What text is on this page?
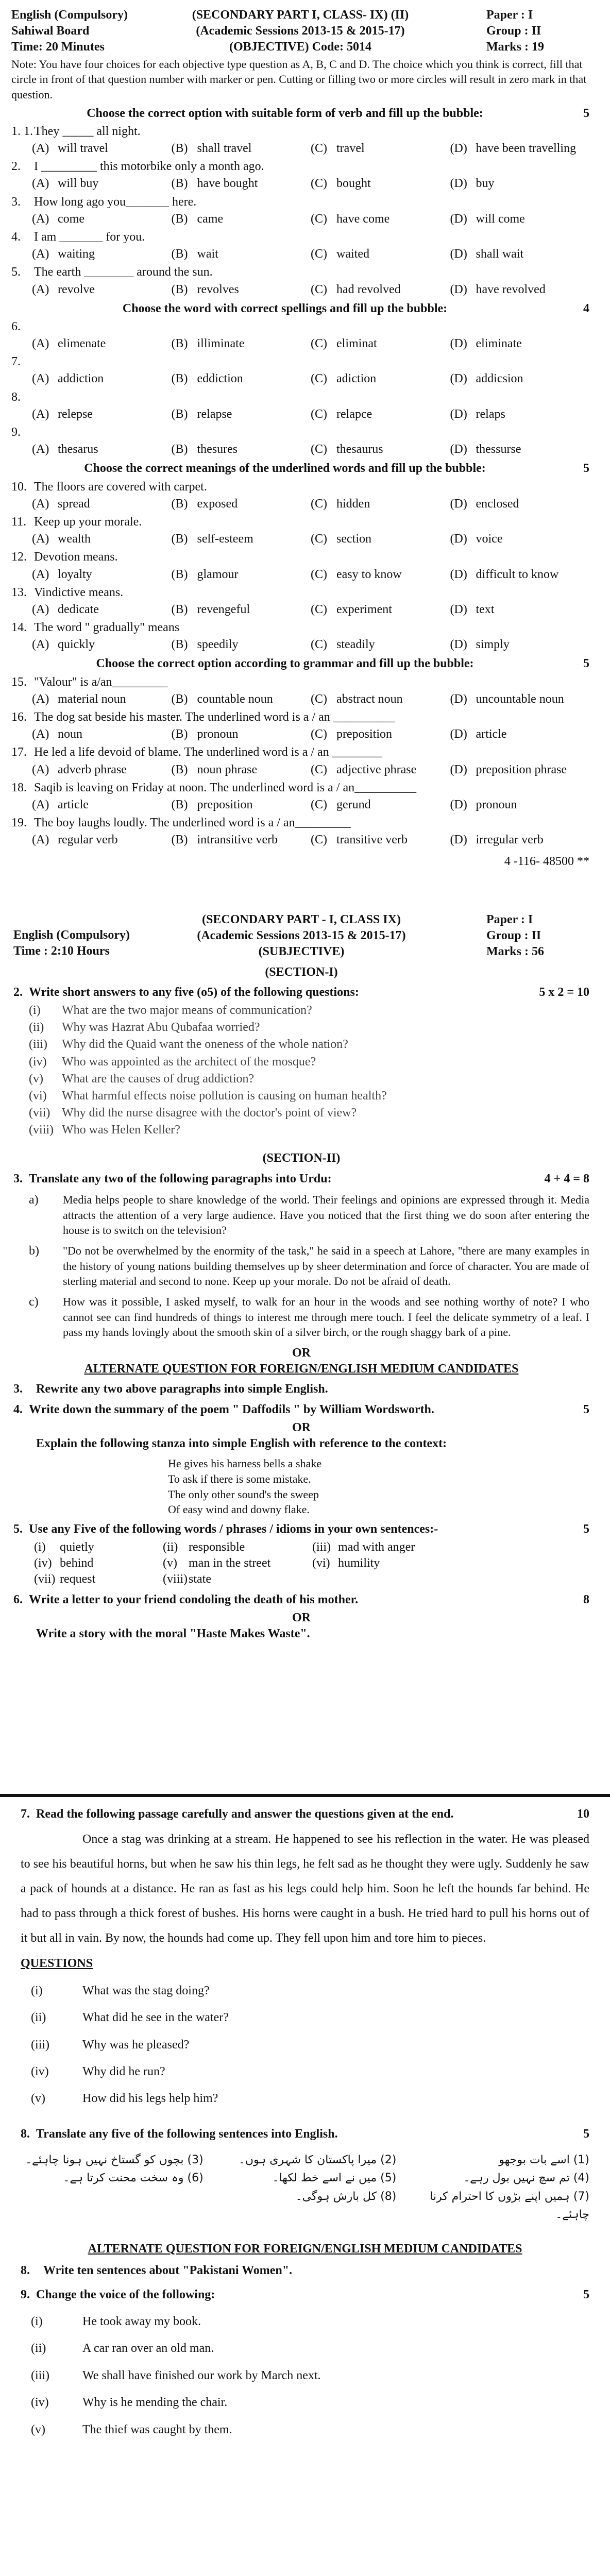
English (Compulsory)
Sahiwal Board
Time: 20 Minutes
(SECONDARY PART I, CLASS- IX) (II)
(Academic Sessions 2013-15 & 2015-17)
(OBJECTIVE) Code: 5014
Paper : I
Group : II
Marks : 19
Note: You have four choices for each objective type question as A, B, C and D. The choice which you think is correct, fill that circle in front of that question number with marker or pen. Cutting or filling two or more circles will result in zero mark in that question.
Choose the correct option with suitable form of verb and fill up the bubble:	5
1. 1. They _____ all night.
(A) will travel	(B) shall travel	(C) travel	(D) have been travelling
2.	I _________ this motorbike only a month ago.
(A) will buy	(B) have bought	(C) bought	(D) buy
3.	How long ago you_______ here.
(A) come	(B) came	(C) have come	(D) will come
4.	I am _______ for you.
(A) waiting	(B) wait	(C) waited	(D) shall wait
5.	The earth ________ around the sun.
(A) revolve	(B) revolves	(C) had revolved	(D) have revolved
Choose the word with correct spellings and fill up the bubble:	4
6.
(A) elimenate	(B) illiminate	(C) eliminat	(D) eliminate
7.
(A) addiction	(B) eddiction	(C) adiction	(D) addicsion
8.
(A) relepse	(B) relapse	(C) relapce	(D) relaps
9.
(A) thesarus	(B) thesures	(C) thesaurus	(D) thessurse
Choose the correct meanings of the underlined words and fill up the bubble:	5
10. The floors are covered with carpet.
(A) spread	(B) exposed	(C) hidden	(D) enclosed
11. Keep up your morale.
(A) wealth	(B) self-esteem	(C) section	(D) voice
12. Devotion means.
(A) loyalty	(B) glamour	(C) easy to know	(D) difficult to know
13. Vindictive means.
(A) dedicate	(B) revengeful	(C) experiment	(D) text
14. The word " gradually" means
(A) quickly	(B) speedily	(C) steadily	(D) simply
Choose the correct option according to grammar and fill up the bubble:	5
15. "Valour" is a/an_________
(A) material noun	(B) countable noun	(C) abstract noun	(D) uncountable noun
16. The dog sat beside his master. The underlined word is a / an __________
(A) noun	(B) pronoun	(C) preposition	(D) article
17. He led a life devoid of blame. The underlined word is a / an ________
(A) adverb phrase	(B) noun phrase	(C) adjective phrase	(D) preposition phrase
18. Saqib is leaving on Friday at noon. The underlined word is a / an__________
(A) article	(B) preposition	(C) gerund	(D) pronoun
19. The boy laughs loudly. The underlined word is a / an_________
(A) regular verb	(B) intransitive verb	(C) transitive verb	(D) irregular verb
4 -116- 48500 **
English (Compulsory)
Time : 2:10 Hours
(SECONDARY PART - I, CLASS IX)
(Academic Sessions 2013-15 & 2015-17)
(SUBJECTIVE)
Paper : I
Group : II
Marks : 56
(SECTION-I)
2. Write short answers to any five (o5) of the following questions:	5 x 2 = 10
(i)	What are the two major means of communication?
(ii)	Why was Hazrat Abu Qubafaa worried?
(iii)	Why did the Quaid want the oneness of the whole nation?
(iv)	Who was appointed as the architect of the mosque?
(v)	What are the causes of drug addiction?
(vi)	What harmful effects noise pollution is causing on human health?
(vii) Why did the nurse disagree with the doctor's point of view?
(viii) Who was Helen Keller?
(SECTION-II)
3. Translate any two of the following paragraphs into Urdu:	4 + 4 = 8
a)	Media helps people to share knowledge of the world. Their feelings and opinions are expressed through it. Media attracts the attention of a very large audience. Have you noticed that the first thing we do soon after entering the house is to switch on the television?
b)	"Do not be overwhelmed by the enormity of the task," he said in a speech at Lahore, "there are many examples in the history of young nations building themselves up by sheer determination and force of character. You are made of sterling material and second to none. Keep up your morale. Do not be afraid of death.
c)	How was it possible, I asked myself, to walk for an hour in the woods and see nothing worthy of note? I who cannot see can find hundreds of things to interest me through mere touch. I feel the delicate symmetry of a leaf. I pass my hands lovingly about the smooth skin of a silver birch, or the rough shaggy bark of a pine.
OR
ALTERNATE QUESTION FOR FOREIGN/ENGLISH MEDIUM CANDIDATES
3.	Rewrite any two above paragraphs into simple English.
4. Write down the summary of the poem " Daffodils " by William Wordsworth.	5
OR
Explain the following stanza into simple English with reference to the context:
He gives his harness bells a shake
To ask if there is some mistake.
The only other sound's the sweep
Of easy wind and downy flake.
5. Use any Five of the following words / phrases / idioms in your own sentences:-	5
(i)	quietly	(ii) responsible	(iii) mad with anger
(iv) behind	(v) man in the street	(vi) humility
(vii) request	(viii) state
6. Write a letter to your friend condoling the death of his mother.	8
OR
Write a story with the moral "Haste Makes Waste".
7. Read the following passage carefully and answer the questions given at the end.	10
Once a stag was drinking at a stream. He happened to see his reflection in the water. He was pleased to see his beautiful horns, but when he saw his thin legs, he felt sad as he thought they were ugly. Suddenly he saw a pack of hounds at a distance. He ran as fast as his legs could help him. Soon he left the hounds far behind. He had to pass through a thick forest of bushes. His horns were caught in a bush. He tried hard to pull his horns out of it but all in vain. By now, the hounds had come up. They fell upon him and tore him to pieces.
QUESTIONS
(i)	What was the stag doing?
(ii)	What did he see in the water?
(iii)	Why was he pleased?
(iv)	Why did he run?
(v)	How did his legs help him?
8. Translate any five of the following sentences into English.	5
(1) اسے بات بوجھو
(2) میرا پاکستان کا شہری ہوں۔
(3) بچوں کو گستاخ نہیں ہونا چاہئے۔
(4) تم سچ نہیں بول رہے۔
(5) میں نے اسے خط لکھا۔
(6) وہ سخت محنت کرتا ہے۔
(7) ہمیں اپنے بڑوں کا احترام کرنا چاہئے۔
(8) کل بارش ہوگی۔
ALTERNATE QUESTION FOR FOREIGN/ENGLISH MEDIUM CANDIDATES
8.	Write ten sentences about "Pakistani Women".
9. Change the voice of the following:	5
(i)	He took away my book.
(ii)	A car ran over an old man.
(iii)	We shall have finished our work by March next.
(iv)	Why is he mending the chair.
(v)	The thief was caught by them.
